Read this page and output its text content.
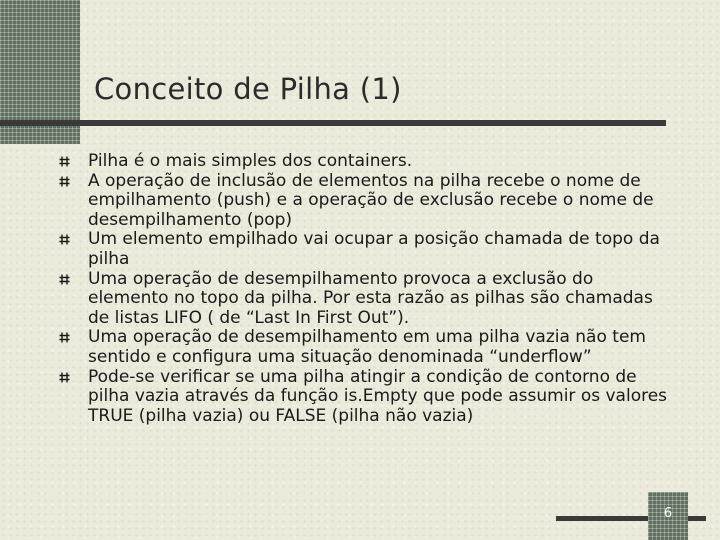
Conceito de Pilha (1)
Pilha é o mais simples dos containers.
A operação de inclusão de elementos na pilha recebe o nome de empilhamento (push) e a operação de exclusão recebe o nome de desempilhamento (pop)
Um elemento empilhado vai ocupar a posição chamada de topo da pilha
Uma operação de desempilhamento provoca a exclusão do elemento no topo da pilha. Por esta razão as pilhas são chamadas de listas LIFO ( de “Last In First Out”).
Uma operação de desempilhamento em uma pilha vazia não tem sentido e configura uma situação denominada “underflow”
Pode-se verificar se uma pilha atingir a condição de contorno de pilha vazia através da função is.Empty que pode assumir os valores TRUE (pilha vazia) ou FALSE (pilha não vazia)
6
